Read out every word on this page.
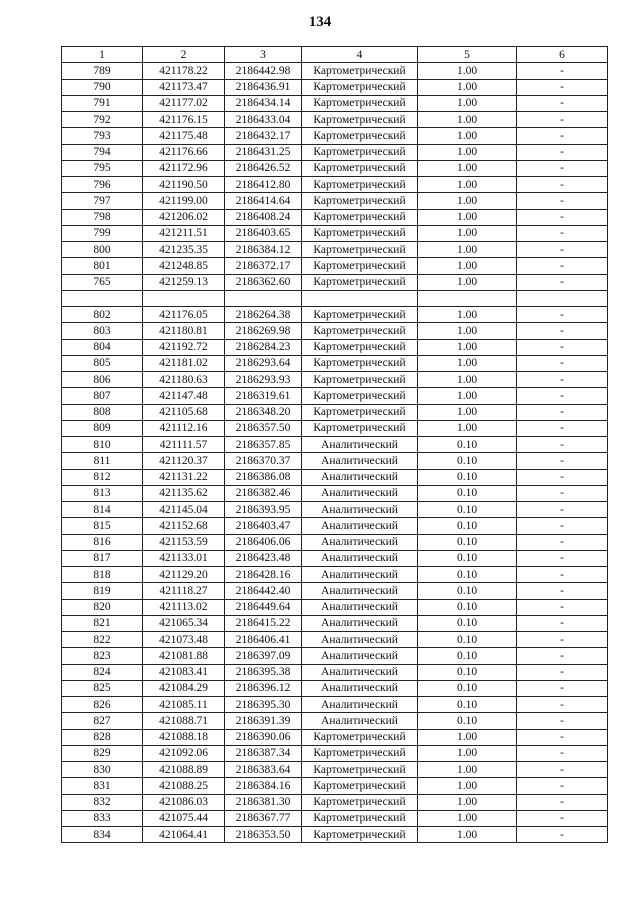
134
1	2	3	4	5	6
789	421178.22	2186442.98	Картометрический	1.00	-
790	421173.47	2186436.91	Картометрический	1.00	-
791	421177.02	2186434.14	Картометрический	1.00	-
792	421176.15	2186433.04	Картометрический	1.00	-
793	421175.48	2186432.17	Картометрический	1.00	-
794	421176.66	2186431.25	Картометрический	1.00	-
795	421172.96	2186426.52	Картометрический	1.00	-
796	421190.50	2186412.80	Картометрический	1.00	-
797	421199.00	2186414.64	Картометрический	1.00	-
798	421206.02	2186408.24	Картометрический	1.00	-
799	421211.51	2186403.65	Картометрический	1.00	-
800	421235.35	2186384.12	Картометрический	1.00	-
801	421248.85	2186372.17	Картометрический	1.00	-
765	421259.13	2186362.60	Картометрический	1.00	-

802	421176.05	2186264.38	Картометрический	1.00	-
803	421180.81	2186269.98	Картометрический	1.00	-
804	421192.72	2186284.23	Картометрический	1.00	-
805	421181.02	2186293.64	Картометрический	1.00	-
806	421180.63	2186293.93	Картометрический	1.00	-
807	421147.48	2186319.61	Картометрический	1.00	-
808	421105.68	2186348.20	Картометрический	1.00	-
809	421112.16	2186357.50	Картометрический	1.00	-
810	421111.57	2186357.85	Аналитический	0.10	-
811	421120.37	2186370.37	Аналитический	0.10	-
812	421131.22	2186386.08	Аналитический	0.10	-
813	421135.62	2186382.46	Аналитический	0.10	-
814	421145.04	2186393.95	Аналитический	0.10	-
815	421152.68	2186403.47	Аналитический	0.10	-
816	421153.59	2186406.06	Аналитический	0.10	-
817	421133.01	2186423.48	Аналитический	0.10	-
818	421129.20	2186428.16	Аналитический	0.10	-
819	421118.27	2186442.40	Аналитический	0.10	-
820	421113.02	2186449.64	Аналитический	0.10	-
821	421065.34	2186415.22	Аналитический	0.10	-
822	421073.48	2186406.41	Аналитический	0.10	-
823	421081.88	2186397.09	Аналитический	0.10	-
824	421083.41	2186395.38	Аналитический	0.10	-
825	421084.29	2186396.12	Аналитический	0.10	-
826	421085.11	2186395.30	Аналитический	0.10	-
827	421088.71	2186391.39	Аналитический	0.10	-
828	421088.18	2186390.06	Картометрический	1.00	-
829	421092.06	2186387.34	Картометрический	1.00	-
830	421088.89	2186383.64	Картометрический	1.00	-
831	421088.25	2186384.16	Картометрический	1.00	-
832	421086.03	2186381.30	Картометрический	1.00	-
833	421075.44	2186367.77	Картометрический	1.00	-
834	421064.41	2186353.50	Картометрический	1.00	-
